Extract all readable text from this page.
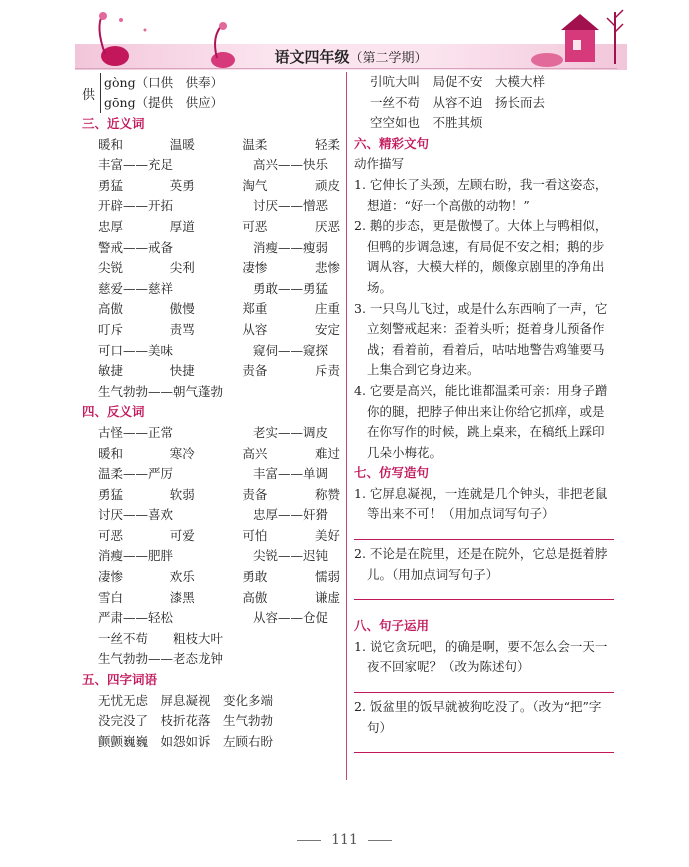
语文四年级（第二学期）
供
gòng（口供　供奉）
gōng（提供　供应）
三、近义词
暖和	温暖	温柔	轻柔
丰富——充足	高兴——快乐
勇猛	英勇	淘气	顽皮
开辟——开拓	讨厌——憎恶
忠厚	厚道	可恶	厌恶
警戒——戒备	消瘦——瘦弱
尖锐	尖利	凄惨	悲惨
慈爱——慈祥	勇敢——勇猛
高傲	傲慢	郑重	庄重
叮斥	责骂	从容	安定
可口——美味	窥伺——窥探
敏捷	快捷	责备	斥责
生气勃勃——朝气蓬勃
四、反义词
古怪——正常	老实——调皮
暖和	寒冷	高兴	难过
温柔——严厉	丰富——单调
勇猛	软弱	责备	称赞
讨厌——喜欢	忠厚——奸猾
可恶	可爱	可怕	美好
消瘦——肥胖	尖锐——迟钝
凄惨	欢乐	勇敢	懦弱
雪白	漆黑	高傲	谦虚
严肃——轻松	从容——仓促
一丝不苟　　粗枝大叶
生气勃勃——老态龙钟
五、四字词语
无忧无虑　屏息凝视　变化多端
没完没了　枝折花落　生气勃勃
颤颤巍巍　如怨如诉　左顾右盼
引吭大叫　局促不安　大模大样
一丝不苟　从容不迫　扬长而去
空空如也　不胜其烦
六、精彩文句
动作描写
1. 它伸长了头颈，左顾右盼，我一看这姿态，想道：“好一个高傲的动物！”
2. 鹅的步态，更是傲慢了。大体上与鸭相似，但鸭的步调急速，有局促不安之相；鹅的步调从容，大模大样的，颇像京剧里的净角出场。
3. 一只鸟儿飞过，或是什么东西响了一声，它立刻警戒起来：歪着头听；挺着身儿预备作战；看着前，看着后，咕咕地警告鸡雏要马上集合到它身边来。
4. 它要是高兴，能比谁都温柔可亲：用身子蹭你的腿，把脖子伸出来让你给它抓痒，或是在你写作的时候，跳上桌来，在稿纸上踩印几朵小梅花。
七、仿写造句
1. 它屏息凝视，一连就是几个钟头，非把老鼠等出来不可！（用加点词写句子）
2. 不论是在院里，还是在院外，它总是挺着脖儿。（用加点词写句子）
八、句子运用
1. 说它贪玩吧，的确是啊，要不怎么会一天一夜不回家呢？（改为陈述句）
2. 饭盆里的饭早就被狗吃没了。（改为“把”字句）
111
